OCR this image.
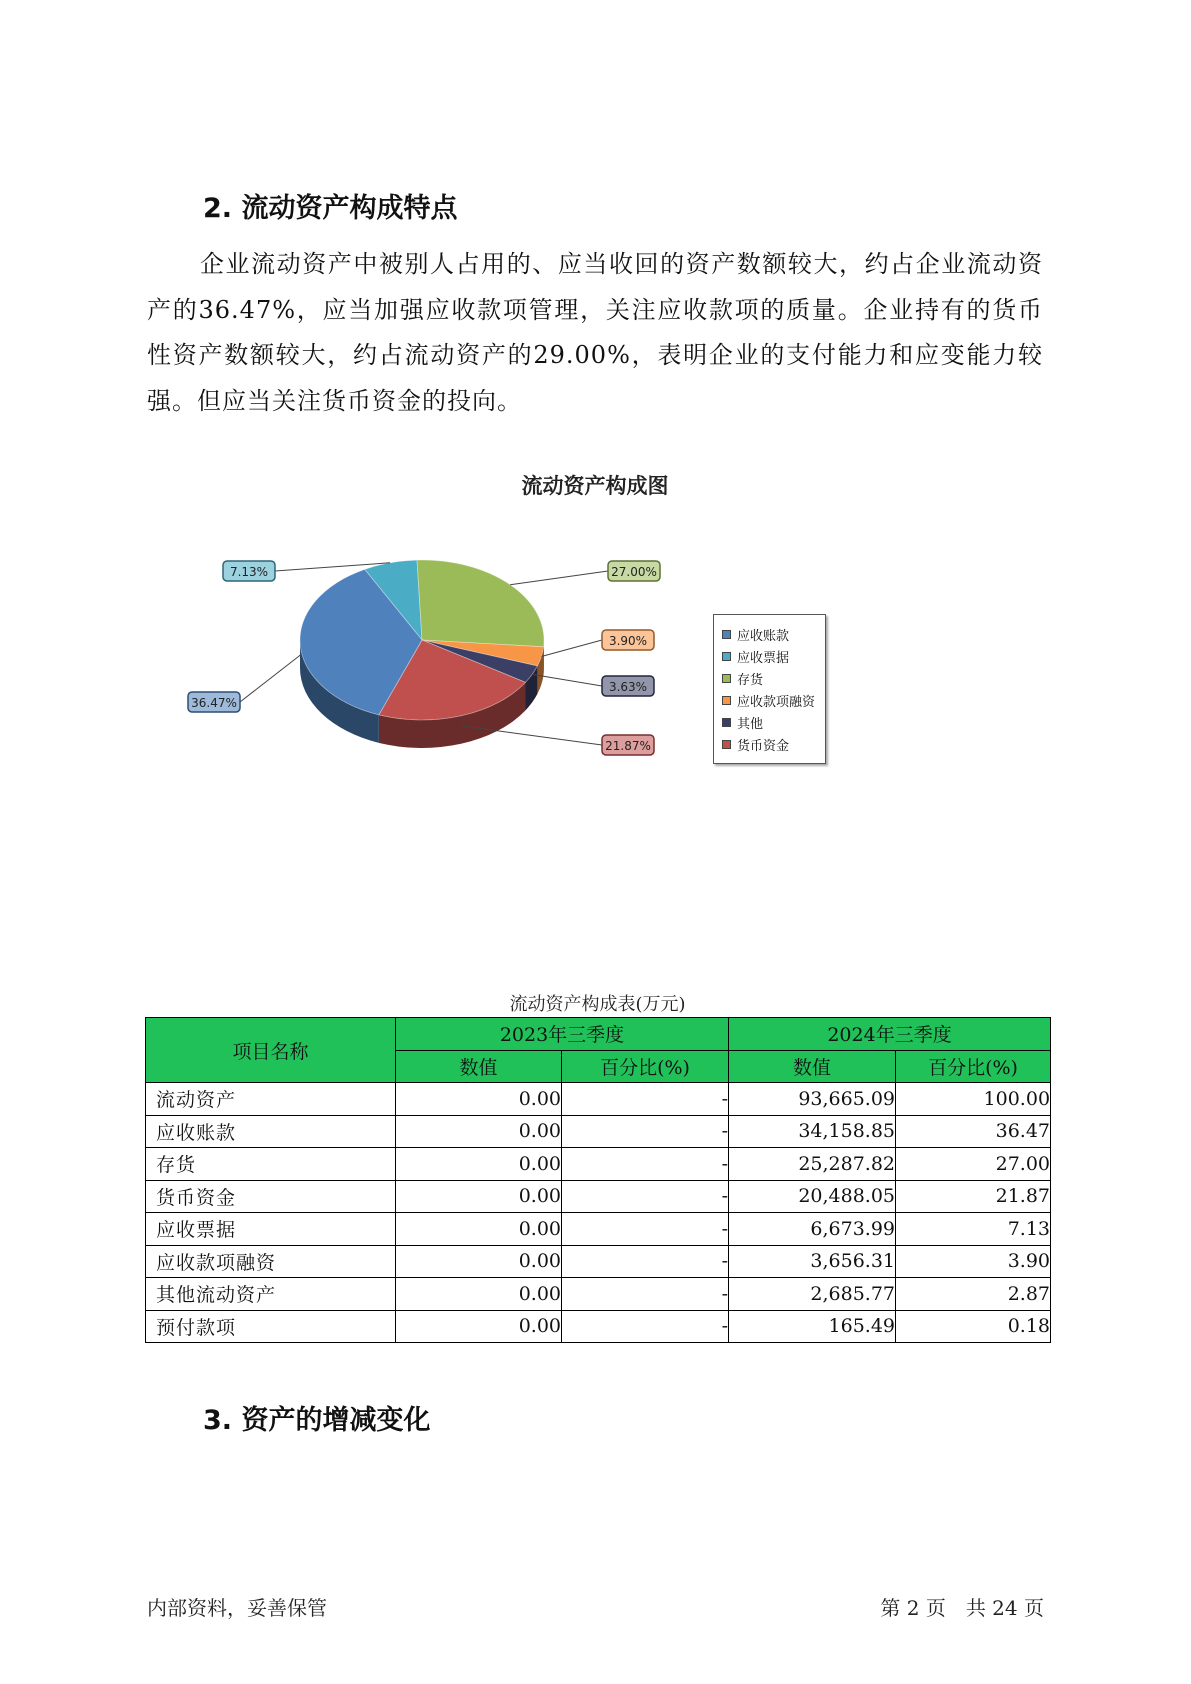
2. 流动资产构成特点

企业流动资产中被别人占用的、应当收回的资产数额较大，约占企业流动资产的36.47%，应当加强应收款项管理，关注应收款项的质量。企业持有的货币性资产数额较大，约占流动资产的29.00%，表明企业的支付能力和应变能力较强。但应当关注货币资金的投向。

流动资产构成图
7.13%	27.00%
3.90%
3.63%
21.87%
36.47%
应收账款
应收票据
存货
应收款项融资
其他
货币资金
流动资产构成表(万元)
项目名称	2023年三季度		2024年三季度	
	数值	百分比(%)	数值	百分比(%)
流动资产	0.00	-	93,665.09	100.00
应收账款	0.00	-	34,158.85	36.47
存货	0.00	-	25,287.82	27.00
货币资金	0.00	-	20,488.05	21.87
应收票据	0.00	-	6,673.99	7.13
应收款项融资	0.00	-	3,656.31	3.90
其他流动资产	0.00	-	2,685.77	2.87
预付款项	0.00	-	165.49	0.18
3. 资产的增减变化
内部资料，妥善保管	第 2 页　共 24 页
